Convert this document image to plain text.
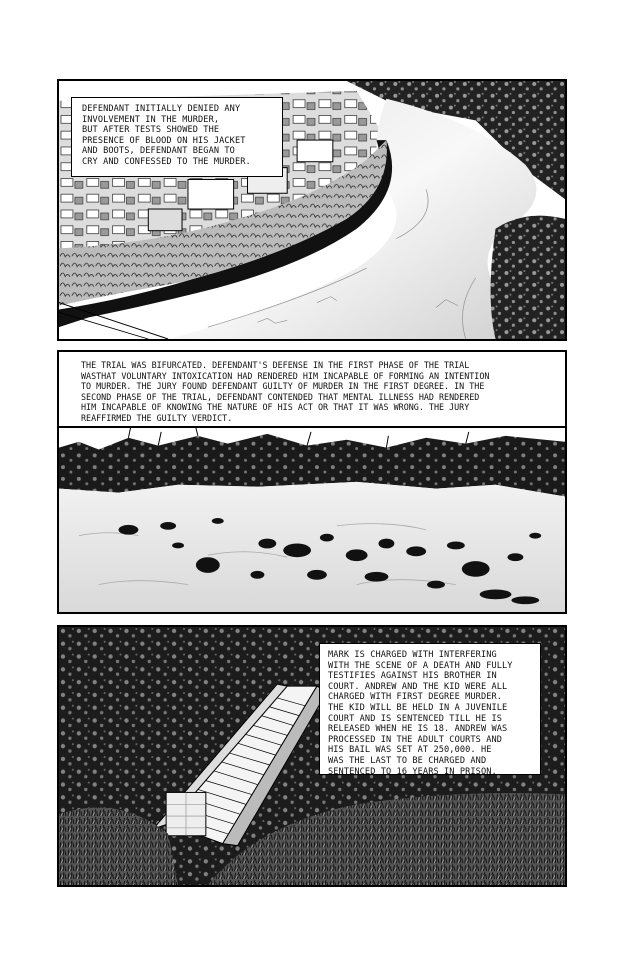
DEFENDANT INITIALLY DENIED ANY
INVOLVEMENT IN THE MURDER,
BUT AFTER TESTS SHOWED THE
PRESENCE OF BLOOD ON HIS JACKET
AND BOOTS, DEFENDANT BEGAN TO
CRY AND CONFESSED TO THE MURDER.
THE TRIAL WAS BIFURCATED. DEFENDANT'S DEFENSE IN THE FIRST PHASE OF THE TRIAL
WASTHAT VOLUNTARY INTOXICATION HAD RENDERED HIM INCAPABLE OF FORMING AN INTENTION
TO MURDER. THE JURY FOUND DEFENDANT GUILTY OF MURDER IN THE FIRST DEGREE. IN THE
SECOND PHASE OF THE TRIAL, DEFENDANT CONTENDED THAT MENTAL ILLNESS HAD RENDERED
HIM INCAPABLE OF KNOWING THE NATURE OF HIS ACT OR THAT IT WAS WRONG. THE JURY
REAFFIRMED THE GUILTY VERDICT.
MARK IS CHARGED WITH INTERFERING
WITH THE SCENE OF A DEATH AND FULLY
TESTIFIES AGAINST HIS BROTHER IN
COURT. ANDREW AND THE KID WERE ALL
CHARGED WITH FIRST DEGREE MURDER.
THE KID WILL BE HELD IN A JUVENILE
COURT AND IS SENTENCED TILL HE IS
RELEASED WHEN HE IS 18. ANDREW WAS
PROCESSED IN THE ADULT COURTS AND
HIS BAIL WAS SET AT 250,000. HE
WAS THE LAST TO BE CHARGED AND
SENTENCED TO 16 YEARS IN PRISON.
